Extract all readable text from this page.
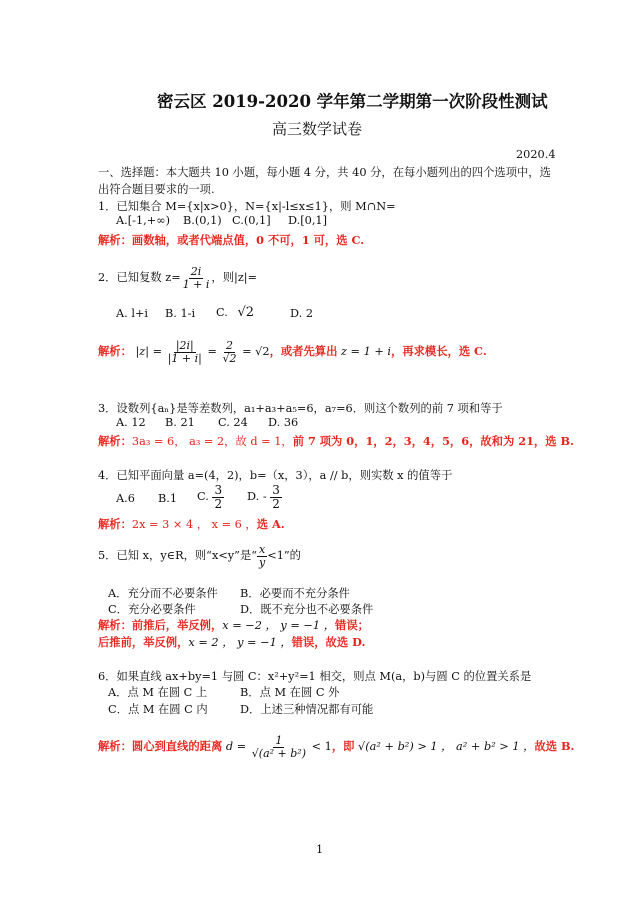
密云区 2019-2020 学年第二学期第一次阶段性测试
高三数学试卷
2020.4
一、选择题：本大题共 10 小题，每小题 4 分，共 40 分，在每小题列出的四个选项中，选
出符合题目要求的一项.
1．已知集合 M={x|x>0}，N={x|-l≤x≤1}，则 M∩N=
A.[-1,+∞) B.(0,1) C.(0,1] D.[0,1]
解析：画数轴，或者代端点值，0 不可，1 可，选 C.
2．已知复数 $z= \frac{2i}{1 + i}$ ，则|z|=
A. l+i B. 1-i C. √2	D. 2
解析： $|z| = \frac{|2i|}{|1 + i|} = \frac{2}{√2} = √2$，或者先算出 z = 1 + i，再求模长，选 C.
3．设数列{aₙ}是等差数列，a₁+a₃+a₅=6，a₇=6．则这个数列的前 7 项和等于
A. 12 B. 21 C. 24 D. 36
解析：3a₃ = 6， a₃ = 2，故 d = 1，前 7 项为 0，1，2，3，4，5，6，故和为 21，选 B.
4．已知平面向量 a=(4，2)，b=（x，3），a // b，则实数 x 的值等于
A.6 B.1 C. $\frac{3}{2} D$. - $\frac{3}{2}$
解析：2x = 3 × 4 ， x = 6 ，选 A.
5．已知 x，y∈R，则“x<y”是“ $\frac{x}{y} <1$”的
A．充分而不必要条件 B．必要而不充分条件
C．充分必要条件	D．既不充分也不必要条件
解析：前推后，举反例，x = −2 ， y = −1 ，错误；
后推前，举反例，x = 2 ， y = −1 ，错误，故选 D.
6．如果直线 ax+by=1 与圆 C：x²+y²=1 相交，则点 M(a，b)与圆 C 的位置关系是
A．点 M 在圆 C 上	B．点 M 在圆 C 外
C．点 M 在圆 C 内	D．上述三种情况都有可能
解析：圆心到直线的距离 $d = \frac{1}{\text{√(a² + b²)}} < 1$，即 √(a² + b²) > 1 ， a² + b² > 1 ，故选 B.
1
